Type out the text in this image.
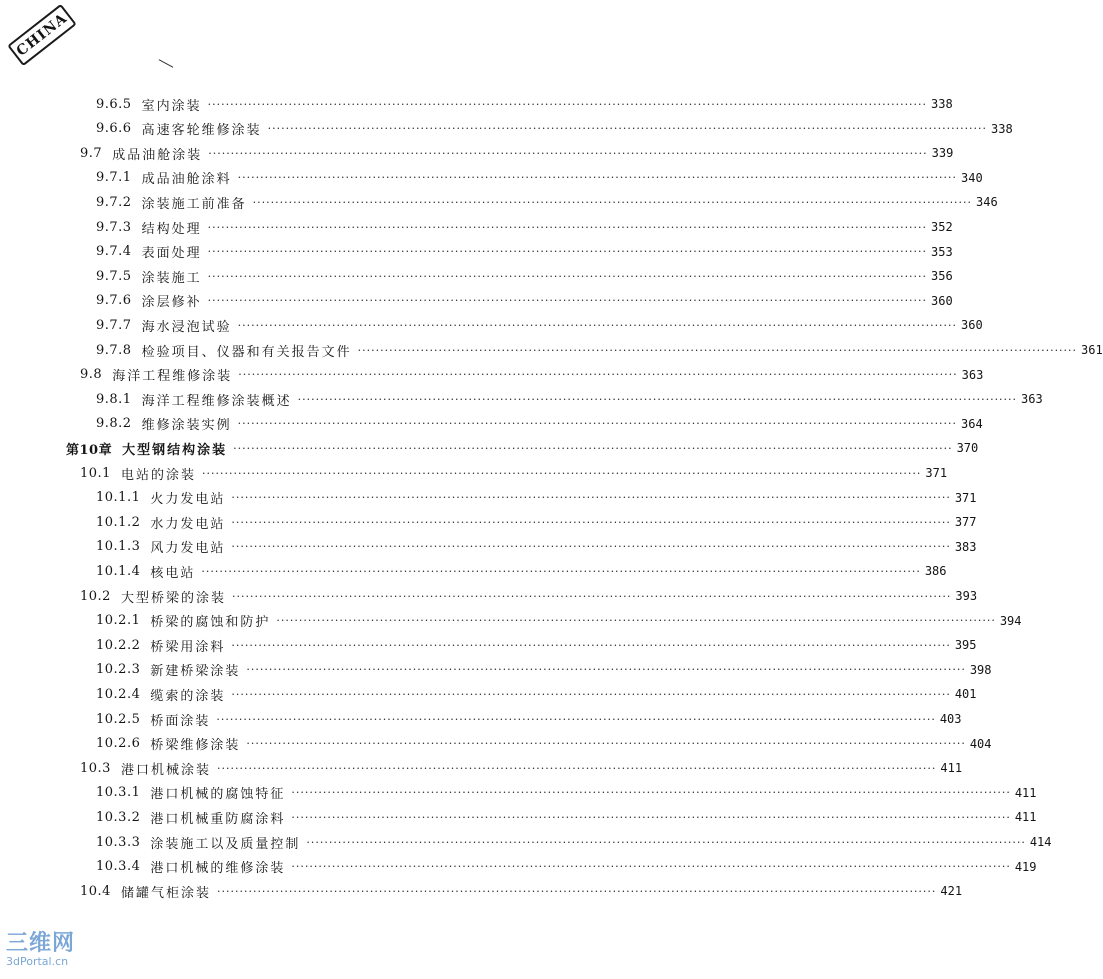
CHINA
9.6.5 室内涂装 ································································································································································ 338
9.6.6 高速客轮维修涂装 ································································································································································ 338
9.7 成品油舱涂装 ································································································································································ 339
9.7.1 成品油舱涂料 ································································································································································ 340
9.7.2 涂装施工前准备 ································································································································································ 346
9.7.3 结构处理 ································································································································································ 352
9.7.4 表面处理 ································································································································································ 353
9.7.5 涂装施工 ································································································································································ 356
9.7.6 涂层修补 ································································································································································ 360
9.7.7 海水浸泡试验 ································································································································································ 360
9.7.8 检验项目、仪器和有关报告文件 ································································································································································ 361
9.8 海洋工程维修涂装 ································································································································································ 363
9.8.1 海洋工程维修涂装概述 ································································································································································ 363
9.8.2 维修涂装实例 ································································································································································ 364
第10章 大型钢结构涂装 ································································································································································ 370
10.1 电站的涂装 ································································································································································ 371
10.1.1 火力发电站 ································································································································································ 371
10.1.2 水力发电站 ································································································································································ 377
10.1.3 风力发电站 ································································································································································ 383
10.1.4 核电站 ································································································································································ 386
10.2 大型桥梁的涂装 ································································································································································ 393
10.2.1 桥梁的腐蚀和防护 ································································································································································ 394
10.2.2 桥梁用涂料 ································································································································································ 395
10.2.3 新建桥梁涂装 ································································································································································ 398
10.2.4 缆索的涂装 ································································································································································ 401
10.2.5 桥面涂装 ································································································································································ 403
10.2.6 桥梁维修涂装 ································································································································································ 404
10.3 港口机械涂装 ································································································································································ 411
10.3.1 港口机械的腐蚀特征 ································································································································································ 411
10.3.2 港口机械重防腐涂料 ································································································································································ 411
10.3.3 涂装施工以及质量控制 ································································································································································ 414
10.3.4 港口机械的维修涂装 ································································································································································ 419
10.4 储罐气柜涂装 ································································································································································ 421
三维网
3dPortal.cn
